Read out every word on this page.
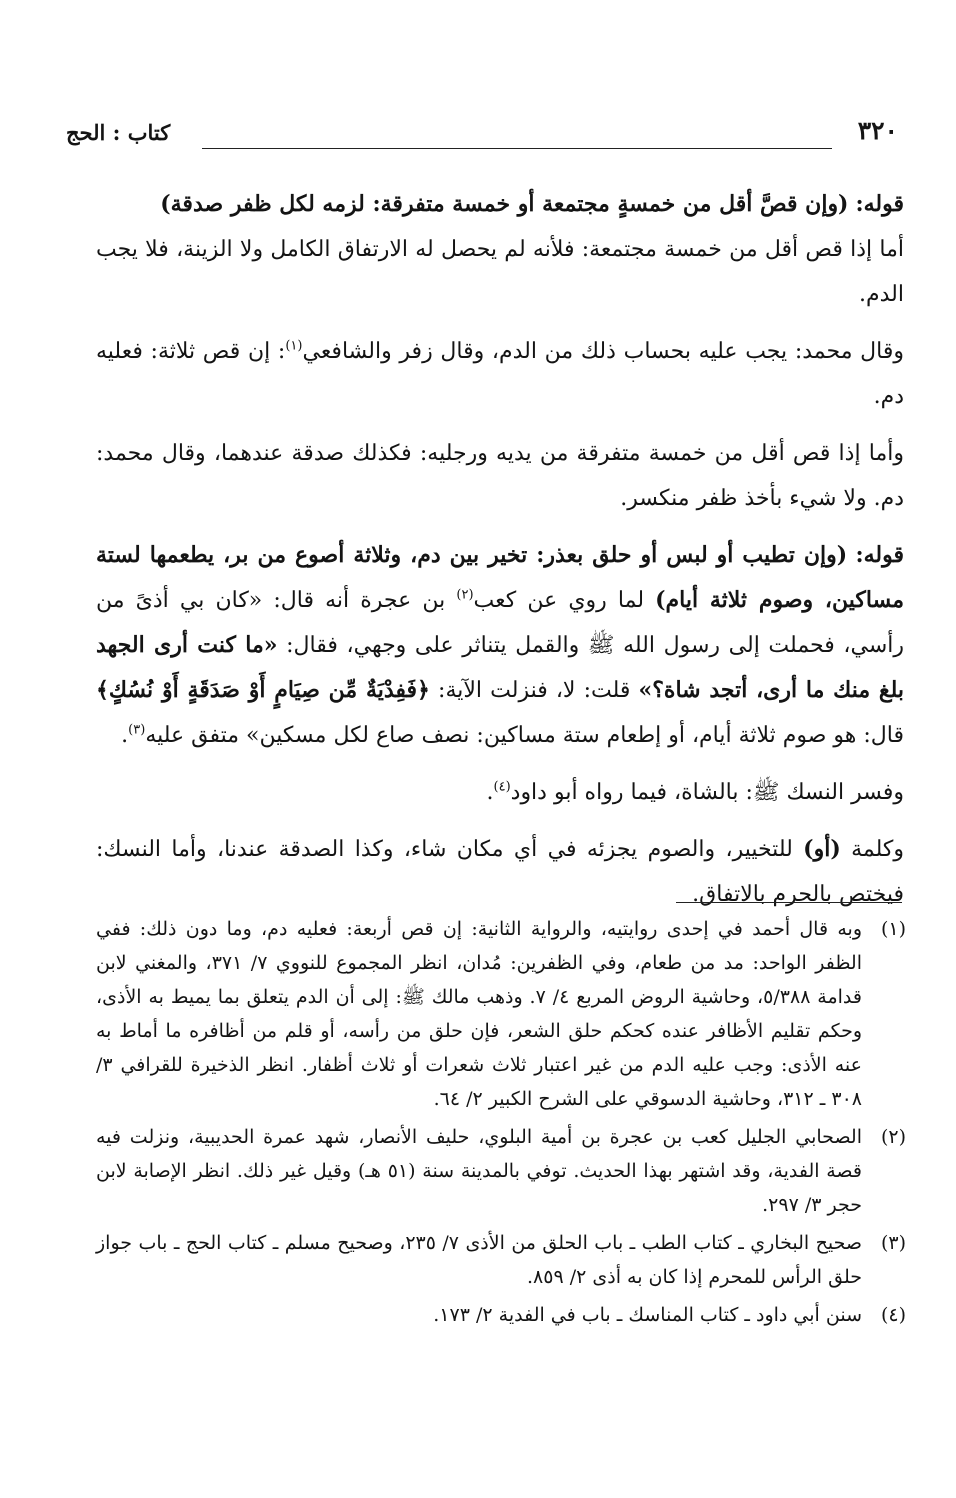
٣٢٠
كتاب : الحج

قوله: (وإن قصَّ أقل من خمسةٍ مجتمعة أو خمسة متفرقة: لزمه لكل ظفر صدقة)
أما إذا قص أقل من خمسة مجتمعة: فلأنه لم يحصل له الارتفاق الكامل ولا الزينة، فلا يجب الدم.

وقال محمد: يجب عليه بحساب ذلك من الدم، وقال زفر والشافعي$^{(١)}$: إن قص ثلاثة: فعليه دم.

وأما إذا قص أقل من خمسة متفرقة من يديه ورجليه: فكذلك صدقة عندهما، وقال محمد: دم. ولا شيء بأخذ ظفر منكسر.

قوله: (وإن تطيب أو لبس أو حلق بعذر: تخير بين دم، وثلاثة أصوع من بر، يطعمها لستة مساكين، وصوم ثلاثة أيام) لما روي عن كعب$^{(٢)}$ بن عجرة أنه قال: «كان بي أذىً من رأسي، فحملت إلى رسول الله ﷺ والقمل يتناثر على وجهي، فقال: «ما كنت أرى الجهد بلغ منك ما أرى، أتجد شاة؟» قلت: لا، فنزلت الآية: ﴿فَفِدْيَةٌ مِّن صِيَامٍ أَوْ صَدَقَةٍ أَوْ نُسُكٍ﴾ قال: هو صوم ثلاثة أيام، أو إطعام ستة مساكين: نصف صاع لكل مسكين» متفق عليه$^{(٣)}$.

وفسر النسك ﷺ: بالشاة، فيما رواه أبو داود$^{(٤)}$.

وكلمة (أو) للتخيير، والصوم يجزئه في أي مكان شاء، وكذا الصدقة عندنا، وأما النسك: فيختص بالحرم بالاتفاق.

(١)
وبه قال أحمد في إحدى روايتيه، والرواية الثانية: إن قص أربعة: فعليه دم، وما دون ذلك: ففي الظفر الواحد: مد من طعام، وفي الظفرين: مُدان، انظر المجموع للنووي ٧/ ٣٧١، والمغني لابن قدامة ٥/٣٨٨، وحاشية الروض المربع ٤/ ٧. وذهب مالك ﷺ: إلى أن الدم يتعلق بما يميط به الأذى، وحكم تقليم الأظافر عنده كحكم حلق الشعر، فإن حلق من رأسه، أو قلم من أظافره ما أماط به عنه الأذى: وجب عليه الدم من غير اعتبار ثلاث شعرات أو ثلاث أظفار. انظر الذخيرة للقرافي ٣/ ٣٠٨ ـ ٣١٢، وحاشية الدسوقي على الشرح الكبير ٢/ ٦٤.
(٢)
الصحابي الجليل كعب بن عجرة بن أمية البلوي، حليف الأنصار، شهد عمرة الحديبية، ونزلت فيه قصة الفدية، وقد اشتهر بهذا الحديث. توفي بالمدينة سنة (٥١ هـ) وقيل غير ذلك. انظر الإصابة لابن حجر ٣/ ٢٩٧.
(٣)
صحيح البخاري ـ كتاب الطب ـ باب الحلق من الأذى ٧/ ٢٣٥، وصحيح مسلم ـ كتاب الحج ـ باب جواز حلق الرأس للمحرم إذا كان به أذى ٢/ ٨٥٩.
(٤)
سنن أبي داود ـ كتاب المناسك ـ باب في الفدية ٢/ ١٧٣.
